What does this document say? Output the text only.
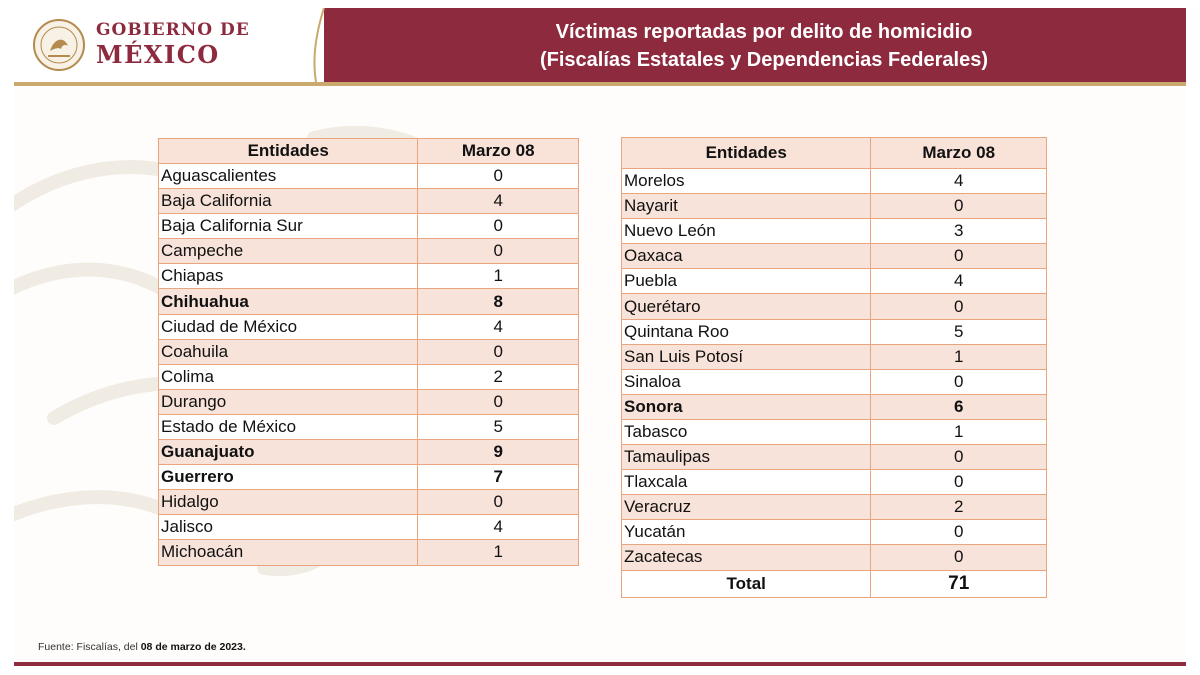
GOBIERNO DE
MÉXICO
Víctimas reportadas por delito de homicidio
(Fiscalías Estatales y Dependencias Federales)
Entidades	Marzo 08
Aguascalientes	0
Baja California	4
Baja California Sur	0
Campeche	0
Chiapas	1
Chihuahua	8
Ciudad de México	4
Coahuila	0
Colima	2
Durango	0
Estado de México	5
Guanajuato	9
Guerrero	7
Hidalgo	0
Jalisco	4
Michoacán	1
Entidades	Marzo 08
Morelos	4
Nayarit	0
Nuevo León	3
Oaxaca	0
Puebla	4
Querétaro	0
Quintana Roo	5
San Luis Potosí	1
Sinaloa	0
Sonora	6
Tabasco	1
Tamaulipas	0
Tlaxcala	0
Veracruz	2
Yucatán	0
Zacatecas	0
Total	71
Fuente: Fiscalías, del 08 de marzo de 2023.
